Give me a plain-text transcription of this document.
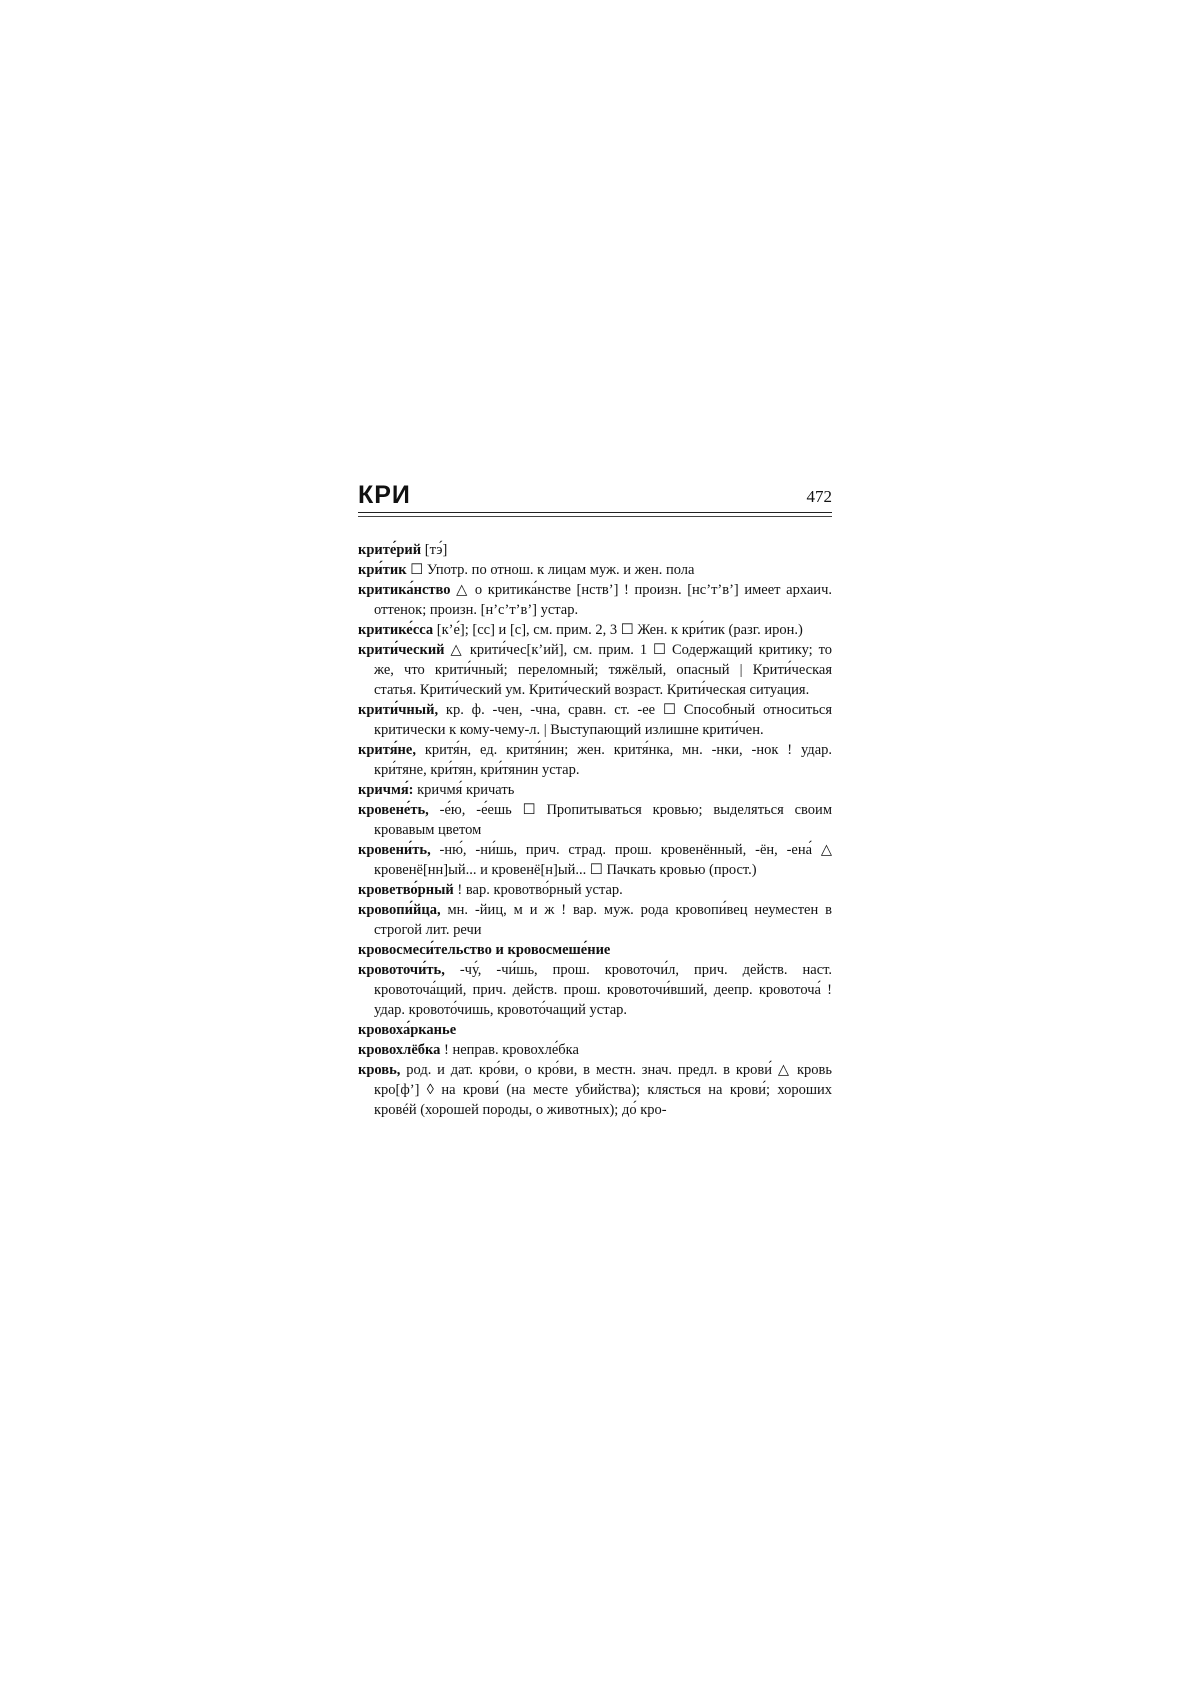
КРИ	472

крите́рий [тэ́]

кри́тик ☐ Употр. по отнош. к лицам муж. и жен. пола

критика́нство △ о критика́нстве [нств’] ! произн. [нс’т’в’] имеет архаич. оттенок; произн. [н’с’т’в’] устар.

критике́сса [к’е́]; [сс] и [с], см. прим. 2, 3 ☐ Жен. к кри́тик (разг. ирон.)

крити́ческий △ крити́чес[к’ий], см. прим. 1 ☐ Содержащий критику; то же, что крити́чный; переломный; тяжёлый, опасный | Крити́ческая статья. Крити́ческий ум. Крити́ческий возраст. Крити́ческая ситуация.

крити́чный, кр. ф. -чен, -чна, сравн. ст. -ее ☐ Способный относиться критически к кому-чему-л. | Выступающий излишне крити́чен.

критя́не, критя́н, ед. критя́нин; жен. критя́нка, мн. -нки, -нок ! удар. кри́тяне, кри́тян, кри́тянин устар.

кричмя́: кричмя́ кричать

кровене́ть, -е́ю, -е́ешь ☐ Пропитываться кровью; выделяться своим кровавым цветом

кровени́ть, -ню́, -ни́шь, прич. страд. прош. кровенённый, -ён, -ена́ △ кровенё[нн]ый... и кровенё[н]ый... ☐ Пачкать кровью (прост.)

кроветво́рный ! вар. кровотво́рный устар.

кровопи́йца, мн. -йиц, м и ж ! вар. муж. рода кровопи́вец неуместен в строгой лит. речи

кровосмеси́тельство и кровосмеше́ние

кровоточи́ть, -чу́, -чи́шь, прош. кровоточи́л, прич. действ. наст. кровоточа́щий, прич. действ. прош. кровоточи́вший, деепр. кровоточа́ ! удар. кровото́чишь, кровото́чащий устар.

кровоха́рканье

кровохлёбка ! неправ. кровохле́бка

кровь, род. и дат. кро́ви, о кро́ви, в местн. знач. предл. в крови́ △ кровь кро[ф’] ◊ на крови́ (на месте убийства); клясться на крови́; хороших кровéй (хорошей породы, о животных); до́ кро-
